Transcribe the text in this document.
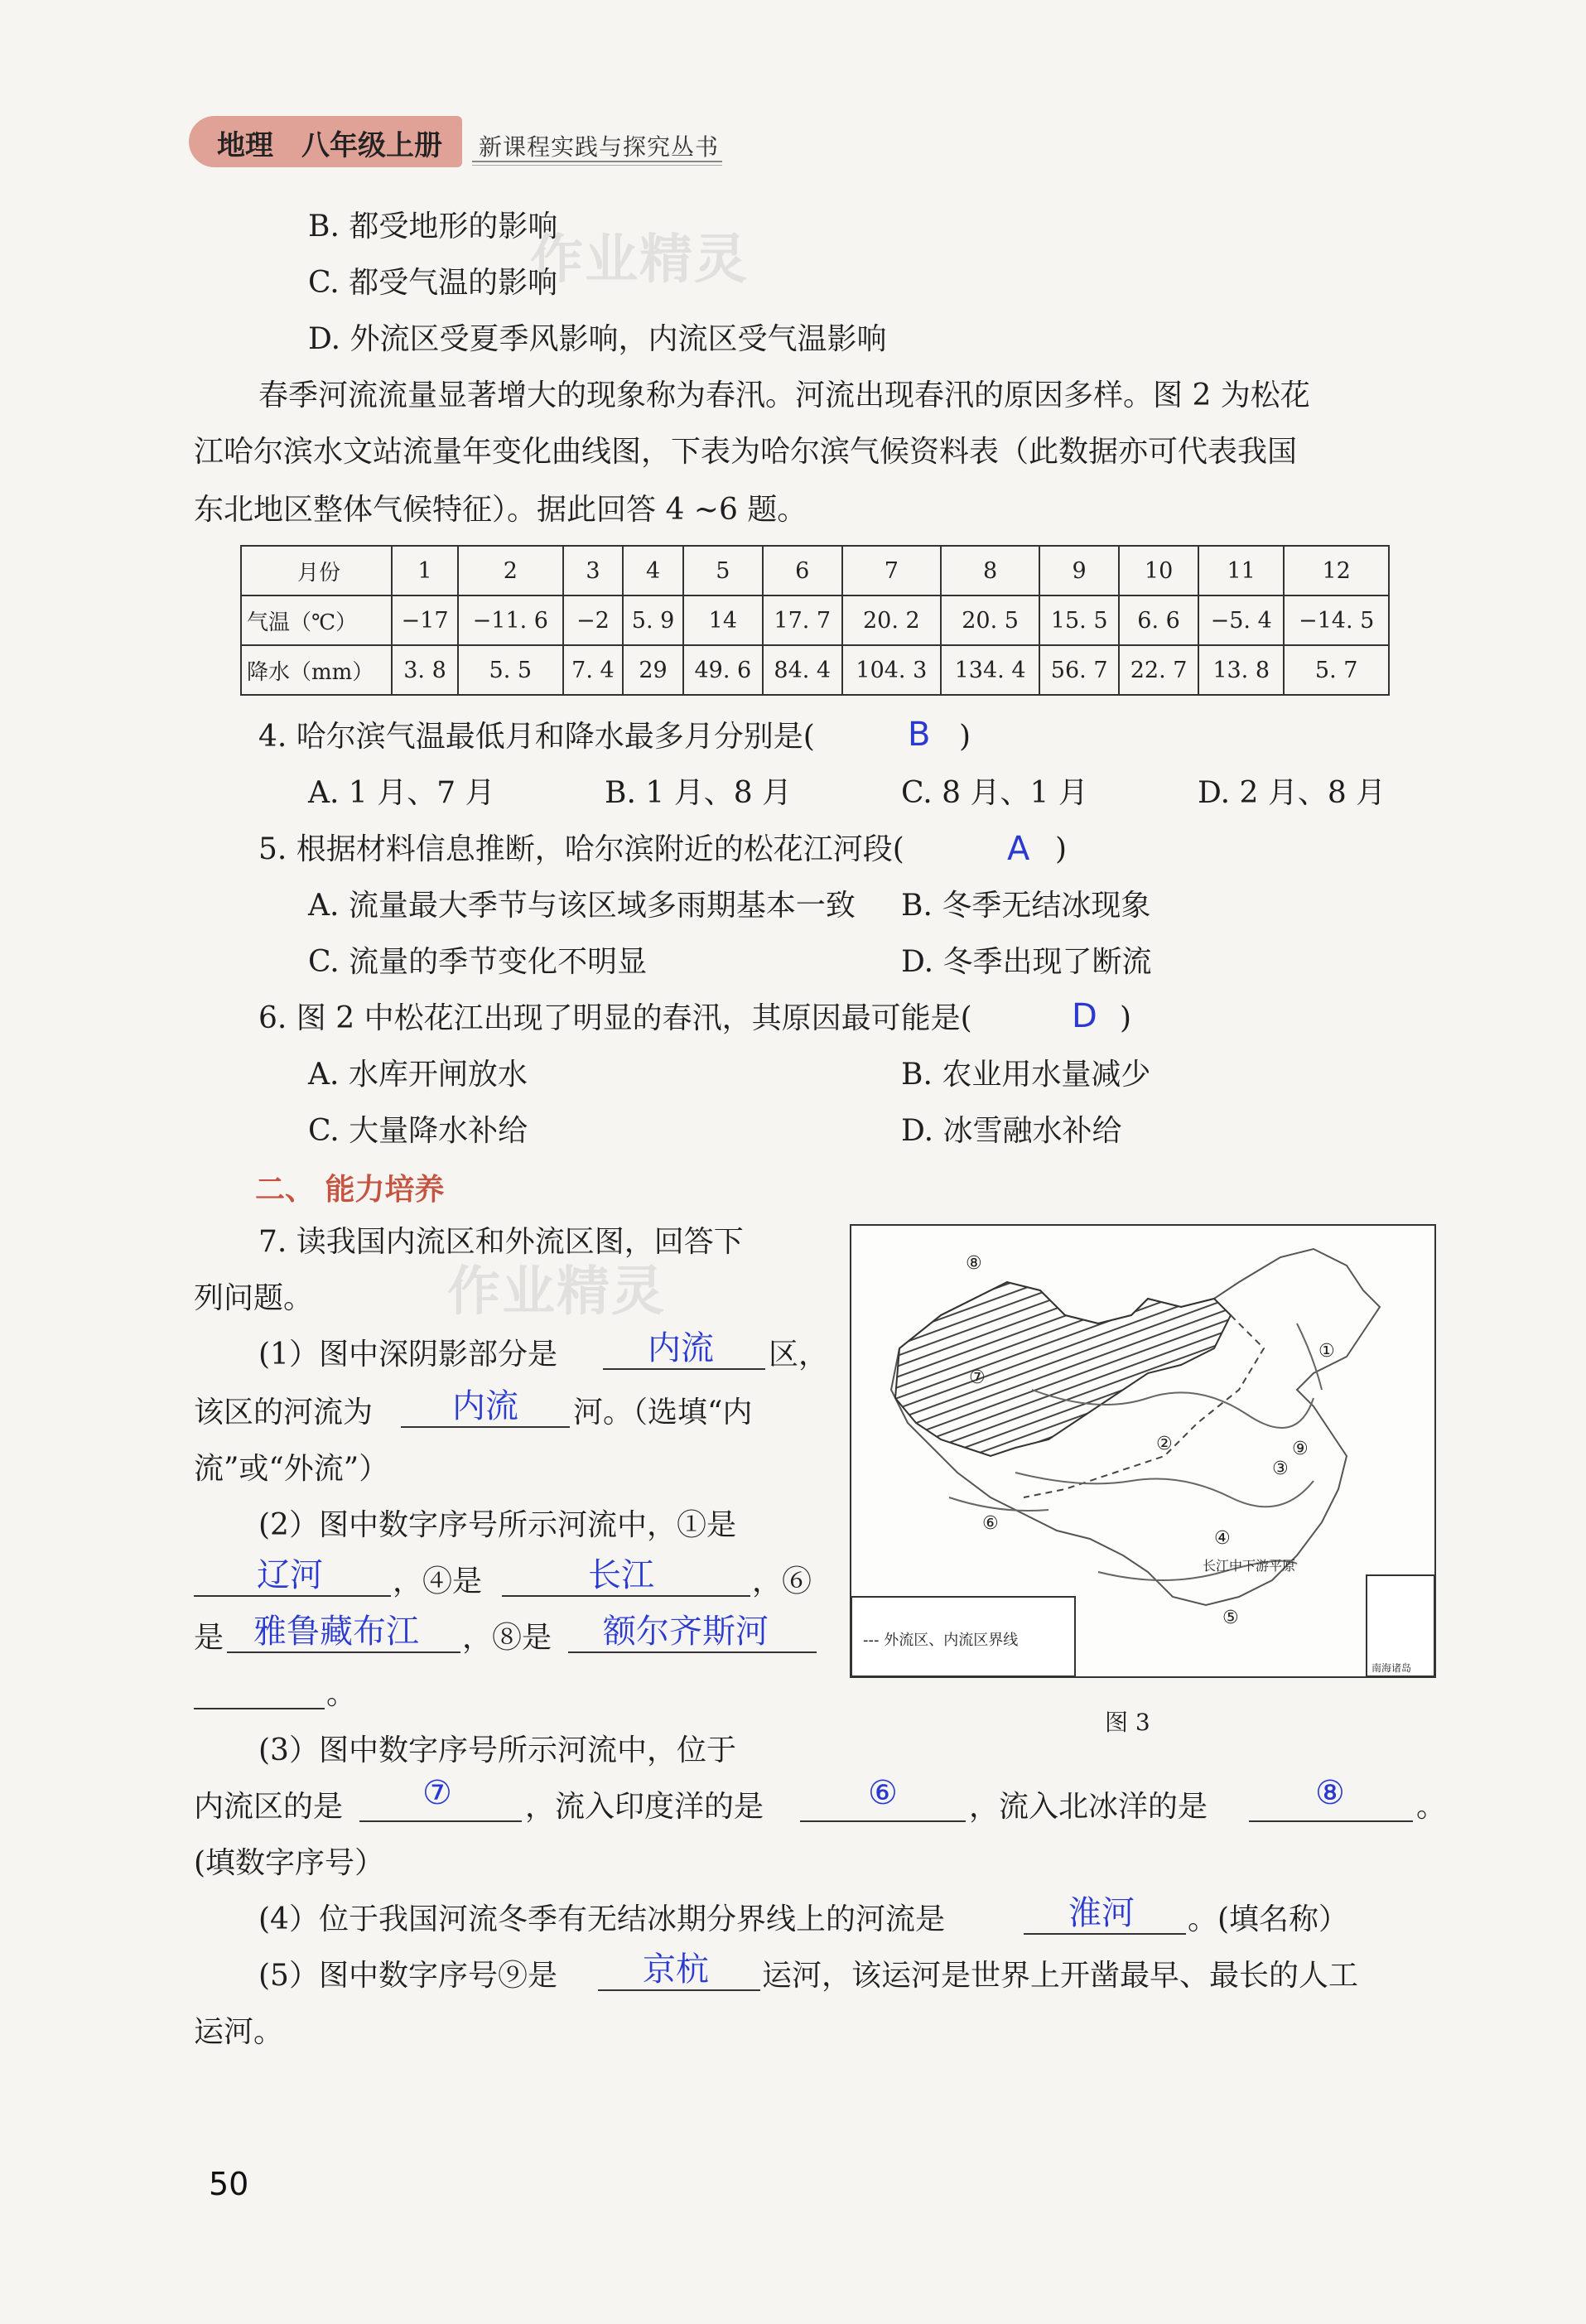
地理 八年级上册 新课程实践与探究丛书
作业精灵
作业精灵
B. 都受地形的影响
C. 都受气温的影响
D. 外流区受夏季风影响，内流区受气温影响
春季河流流量显著增大的现象称为春汛。河流出现春汛的原因多样。图 2 为松花
江哈尔滨水文站流量年变化曲线图，下表为哈尔滨气候资料表（此数据亦可代表我国
东北地区整体气候特征）。据此回答 4 ~6 题。
月份	1	2	3	4	5	6	7	8	9	10	11	12
气温（℃）	−17	−11. 6	−2	5. 9	14	17. 7	20. 2	20. 5	15. 5	6. 6	−5. 4	−14. 5
降水（mm）	3. 8	5. 5	7. 4	29	49. 6	84. 4	104. 3	134. 4	56. 7	22. 7	13. 8	5. 7
4. 哈尔滨气温最低月和降水最多月分别是(	B )
A. 1 月、7 月	B. 1 月、8 月	C. 8 月、1 月	D. 2 月、8 月
5. 根据材料信息推断，哈尔滨附近的松花江河段(	A )
A. 流量最大季节与该区域多雨期基本一致 B. 冬季无结冰现象
C. 流量的季节变化不明显	D. 冬季出现了断流
6. 图 2 中松花江出现了明显的春汛，其原因最可能是(	D )
A. 水库开闸放水	B. 农业用水量减少
C. 大量降水补给	D. 冰雪融水补给
二、 能力培养
7. 读我国内流区和外流区图，回答下
列问题。
(1）图中深阴影部分是	内流 区，
该区的河流为 内流 河。（选填“内
流”或“外流”）
(2）图中数字序号所示河流中，①是
辽河 ，④是	长江	，⑥
是 雅鲁藏布江 ，⑧是 额尔齐斯河
。
(3）图中数字序号所示河流中，位于
内流区的是 ⑦ ，流入印度洋的是	⑥ ，流入北冰洋的是	⑧ 。
(填数字序号）
(4）位于我国河流冬季有无结冰期分界线上的河流是	淮河 。(填名称）
(5）图中数字序号⑨是	京杭 运河，该运河是世界上开凿最早、最长的人工
运河。
①
②
③
④
⑤
⑥
⑦
⑧
⑨
长江中下游平原
--- 外流区、内流区界线
南海诸岛
图 3
50
